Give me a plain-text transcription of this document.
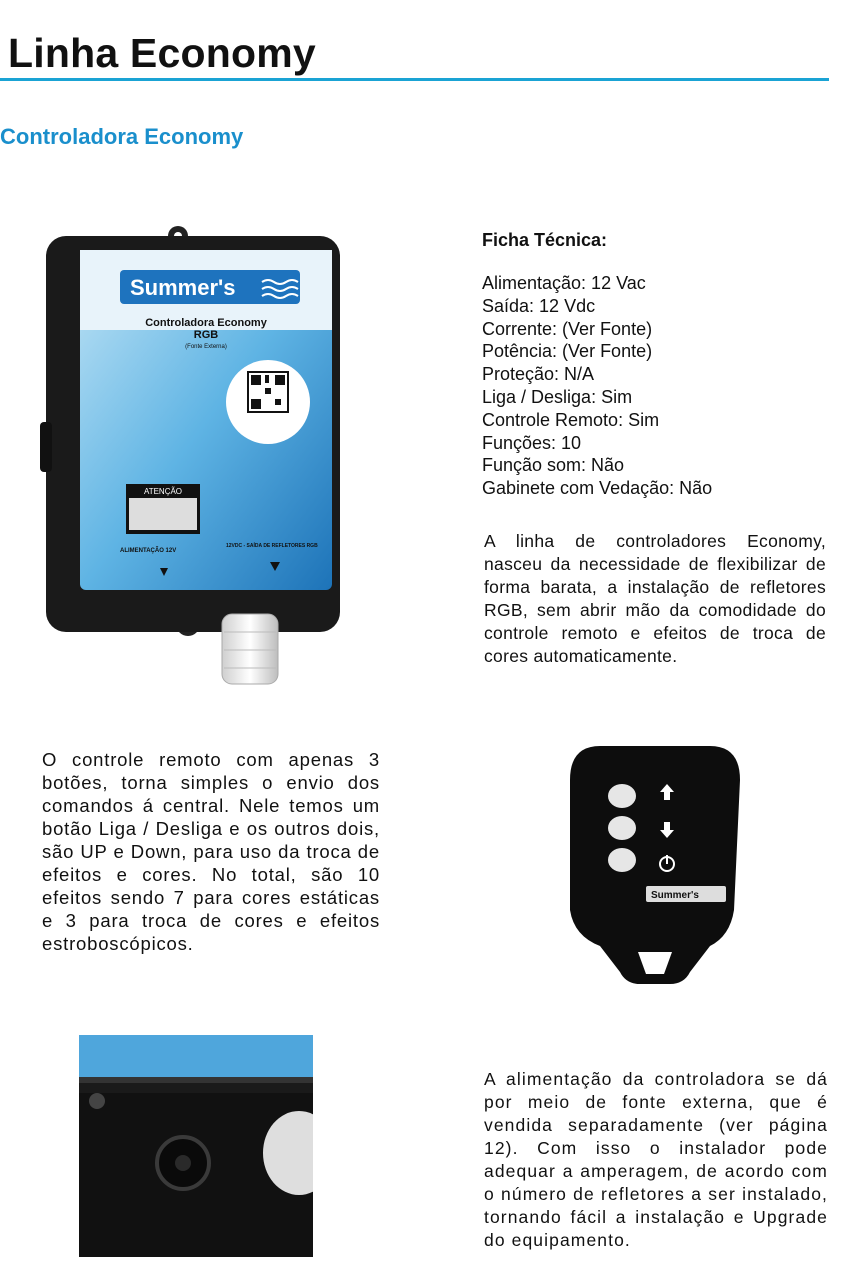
Linha Economy
Controladora Economy
Summer's
Controladora Economy
RGB
(Fonte Externa)
ATENÇÃO
ALIMENTAÇÃO 12V
12VDC - SAÍDA DE REFLETORES RGB
Ficha Técnica:
Alimentação: 12 Vac
Saída: 12 Vdc
Corrente: (Ver Fonte)
Potência: (Ver Fonte)
Proteção: N/A
Liga / Desliga: Sim
Controle Remoto: Sim
Funções: 10
Função som: Não
Gabinete com Vedação: Não

A linha de controladores Economy, nasceu da necessidade de flexibilizar de forma barata, a instalação de refletores RGB, sem abrir mão da comodidade do controle remoto e efeitos de troca de cores automaticamente.

O controle remoto com apenas 3 botões, torna simples o envio dos comandos á central. Nele temos um botão Liga / Desliga e os outros dois, são UP e Down, para uso da troca de efeitos e cores. No total, são 10 efeitos sendo 7 para cores estáticas e 3 para troca de cores e efeitos estroboscópicos.

Summer's

A alimentação da controladora se dá por meio de fonte externa, que é vendida separadamente (ver página 12). Com isso o instalador pode adequar a amperagem, de acordo com o número de refletores a ser instalado, tornando fácil a instalação e Upgrade do equipamento.
